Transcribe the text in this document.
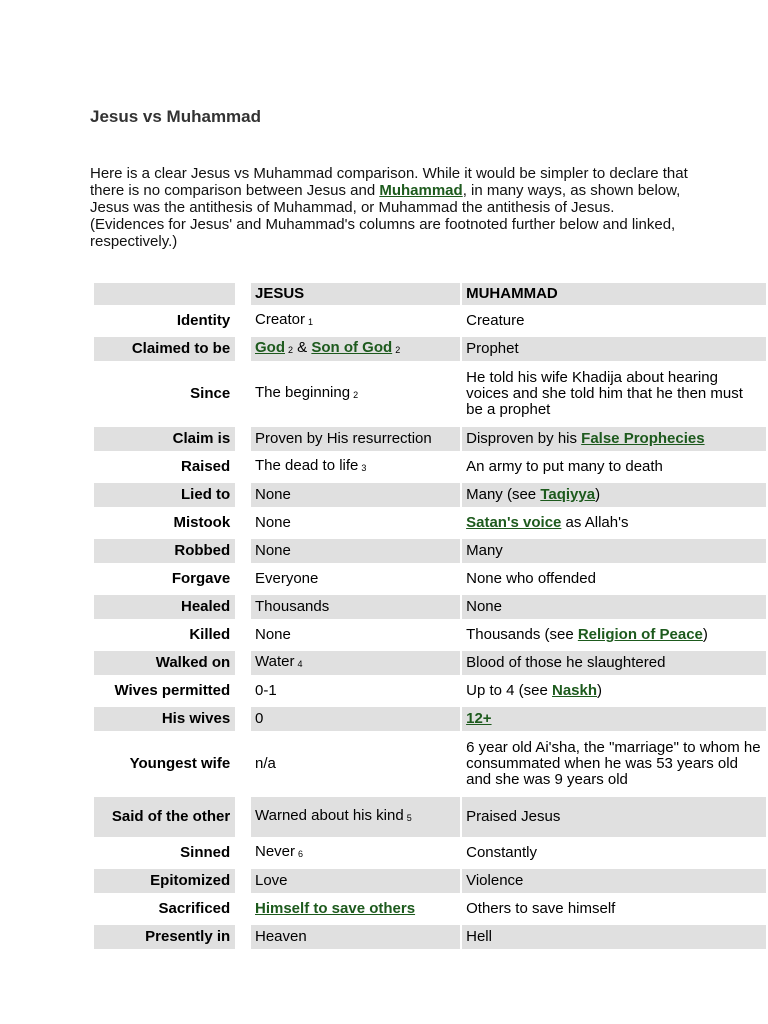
Jesus vs Muhammad
Here is a clear Jesus vs Muhammad comparison. While it would be simpler to declare that there is no comparison between Jesus and Muhammad, in many ways, as shown below, Jesus was the antithesis of Muhammad, or Muhammad the antithesis of Jesus. (Evidences for Jesus' and Muhammad's columns are footnoted further below and linked, respectively.)
		JESUS	MUHAMMAD
Identity		Creator 1	Creature
Claimed to be		God 2 & Son of God 2	Prophet
Since		The beginning 2	He told his wife Khadija about hearing voices and she told him that he then must be a prophet
Claim is		Proven by His resurrection	Disproven by his False Prophecies
Raised		The dead to life 3	An army to put many to death
Lied to		None	Many (see Taqiyya)
Mistook		None	Satan's voice as Allah's
Robbed		None	Many
Forgave		Everyone	None who offended
Healed		Thousands	None
Killed		None	Thousands (see Religion of Peace)
Walked on		Water 4	Blood of those he slaughtered
Wives permitted		0-1	Up to 4 (see Naskh)
His wives		0	12+
Youngest wife		n/a	6 year old Ai'sha, the "marriage" to whom he consummated when he was 53 years old and she was 9 years old
Said of the other		Warned about his kind 5	Praised Jesus
Sinned		Never 6	Constantly
Epitomized		Love	Violence
Sacrificed		Himself to save others	Others to save himself
Presently in		Heaven	Hell
